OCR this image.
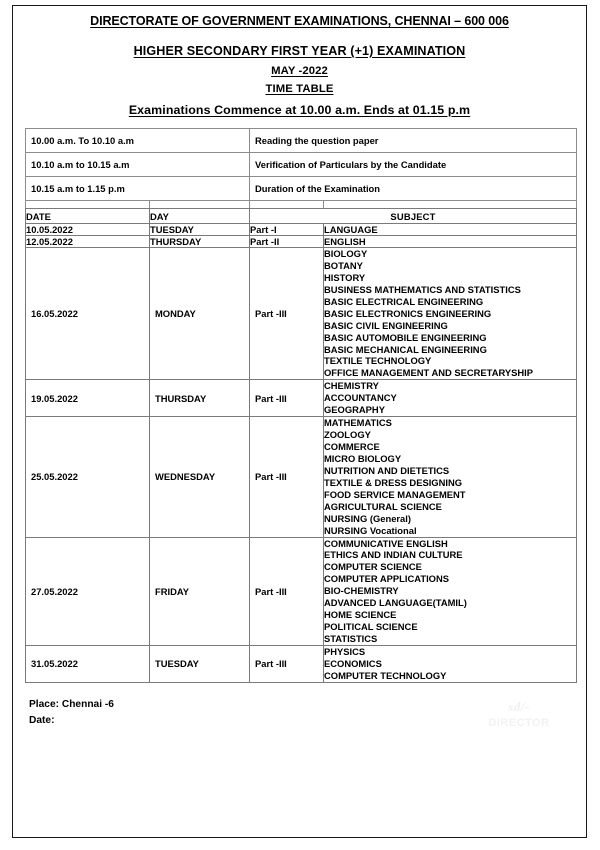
DIRECTORATE OF GOVERNMENT EXAMINATIONS, CHENNAI – 600 006
HIGHER SECONDARY FIRST YEAR (+1) EXAMINATION
MAY -2022
TIME TABLE
Examinations Commence at 10.00 a.m. Ends at 01.15 p.m
10.00 a.m. To 10.10 a.m	Reading the question paper
10.10 a.m to 10.15 a.m	Verification of Particulars by the Candidate
10.15 a.m to 1.15 p.m	Duration of the Examination

DATE	DAY	SUBJECT	
10.05.2022	TUESDAY	Part -I	LANGUAGE

12.05.2022	THURSDAY	Part -II	ENGLISH

16.05.2022	MONDAY	Part -III	
BIOLOGY
BOTANY
HISTORY
BUSINESS MATHEMATICS AND STATISTICS
BASIC ELECTRICAL ENGINEERING
BASIC ELECTRONICS ENGINEERING
BASIC CIVIL ENGINEERING
BASIC AUTOMOBILE ENGINEERING
BASIC MECHANICAL ENGINEERING
TEXTILE TECHNOLOGY
OFFICE MANAGEMENT AND SECRETARYSHIP

19.05.2022	THURSDAY	Part -III	CHEMISTRY
ACCOUNTANCY
GEOGRAPHY

25.05.2022	WEDNESDAY	Part -III	
MATHEMATICS
ZOOLOGY
COMMERCE
MICRO BIOLOGY
NUTRITION AND DIETETICS
TEXTILE & DRESS DESIGNING
FOOD SERVICE MANAGEMENT
AGRICULTURAL SCIENCE
NURSING (General)
NURSING Vocational

27.05.2022	FRIDAY	Part -III	
COMMUNICATIVE ENGLISH
ETHICS AND INDIAN CULTURE
COMPUTER SCIENCE
COMPUTER APPLICATIONS
BIO-CHEMISTRY
ADVANCED LANGUAGE(TAMIL)
HOME SCIENCE
POLITICAL SCIENCE
STATISTICS

31.05.2022	TUESDAY	Part -III	PHYSICS
ECONOMICS
COMPUTER TECHNOLOGY
Place: Chennai -6
Date:
sd/-
DIRECTOR
